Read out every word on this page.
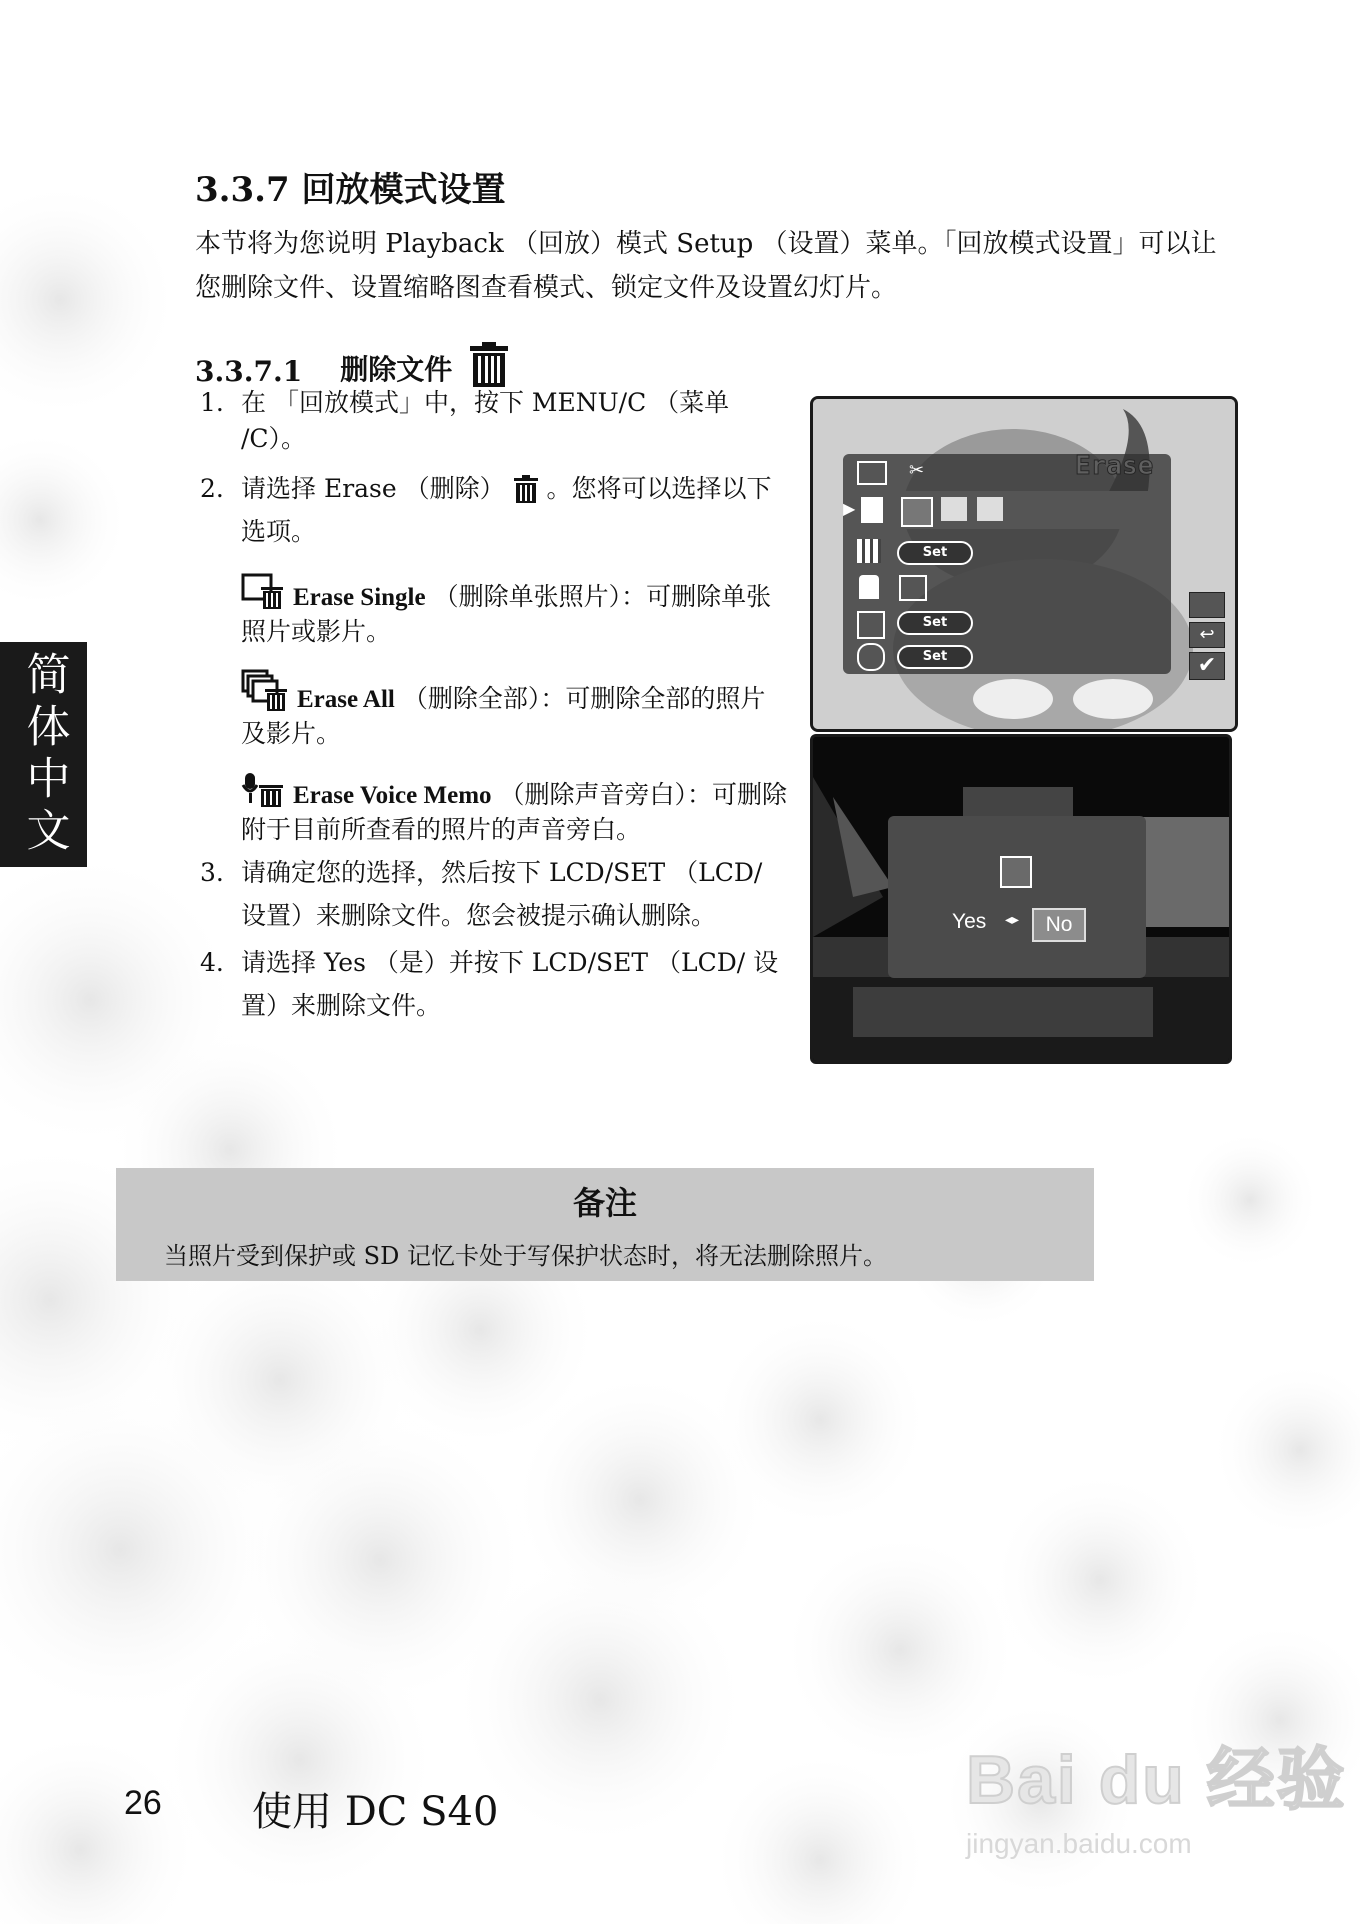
3.3.7 回放模式设置

本节将为您说明 Playback （回放）模式 Setup （设置）菜单。「回放模式设置」可以让您删除文件、设置缩略图查看模式、锁定文件及设置幻灯片。

3.3.7.1 删除文件
1. 在 「回放模式」中，按下 MENU/C （菜单 /C）。
2. 请选择 Erase （删除） 。您将可以选择以下选项。
Erase Single （删除单张照片）：可删除单张照片或影片。
Erase All （删除全部）：可删除全部的照片及影片。
Erase Voice Memo （删除声音旁白）：可删除附于目前所查看的照片的声音旁白。
3. 请确定您的选择，然后按下 LCD/SET （LCD/ 设置）来删除文件。您会被提示确认删除。
4. 请选择 Yes （是）并按下 LCD/SET （LCD/ 设置）来删除文件。
✂
▶
Set
Set
Set
↩
✔
Yes ◂▸	No
备注
当照片受到保护或 SD 记忆卡处于写保护状态时，将无法删除照片。
简体中文
26 使用 DC S40	Bai du 经验
jingyan.baidu.com
